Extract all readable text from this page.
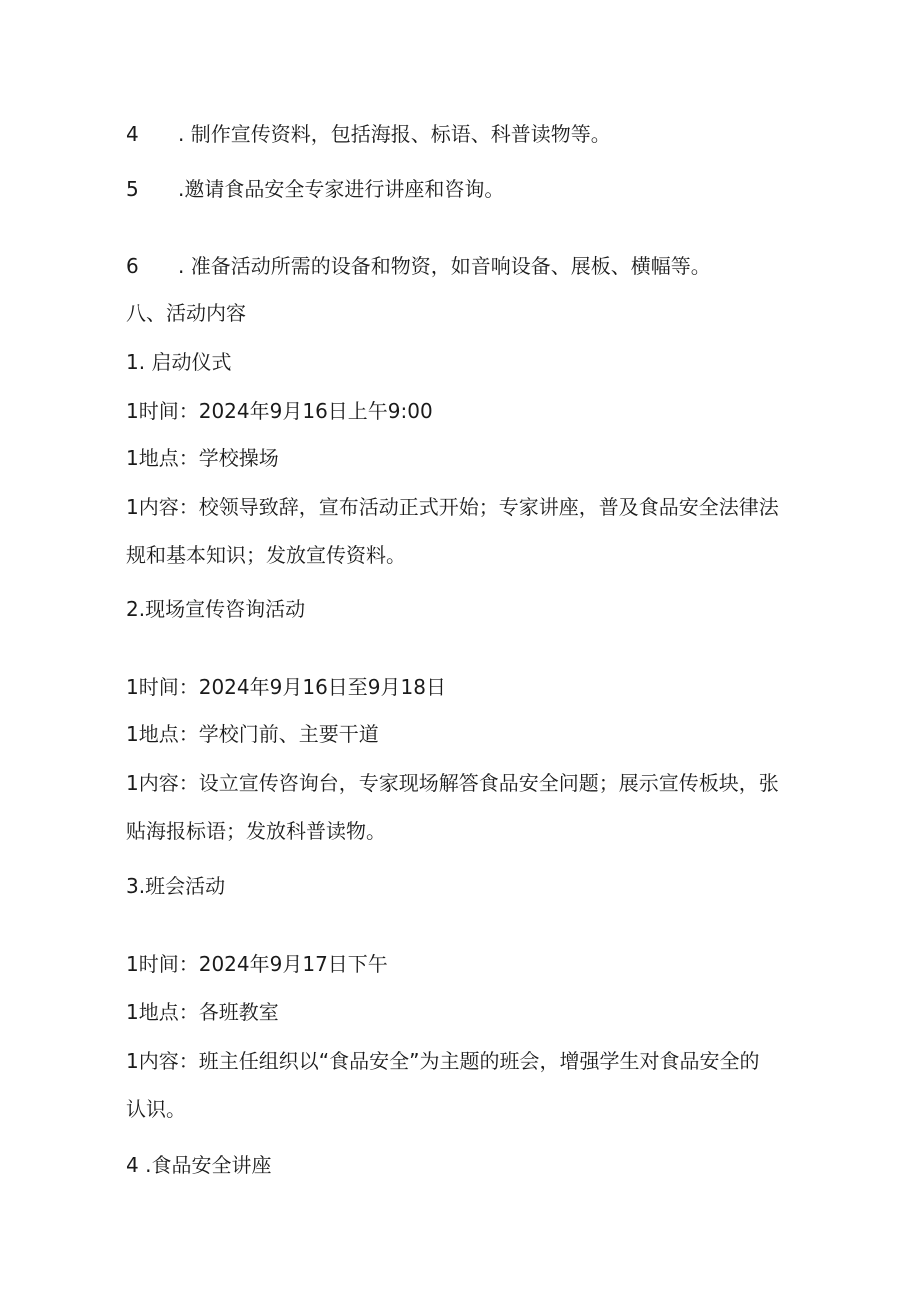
4 . 制作宣传资料，包括海报、标语、科普读物等。
5 .邀请食品安全专家进行讲座和咨询。
6 . 准备活动所需的设备和物资，如音响设备、展板、横幅等。
八、活动内容
1. 启动仪式
1时间：2024年9月16日上午9:00
1地点：学校操场
1内容：校领导致辞，宣布活动正式开始；专家讲座，普及食品安全法律法
规和基本知识；发放宣传资料。
2.现场宣传咨询活动
1时间：2024年9月16日至9月18日
1地点：学校门前、主要干道
1内容：设立宣传咨询台，专家现场解答食品安全问题；展示宣传板块，张
贴海报标语；发放科普读物。
3.班会活动
1时间：2024年9月17日下午
1地点：各班教室
1内容：班主任组织以“食品安全”为主题的班会，增强学生对食品安全的
认识。
4 .食品安全讲座
